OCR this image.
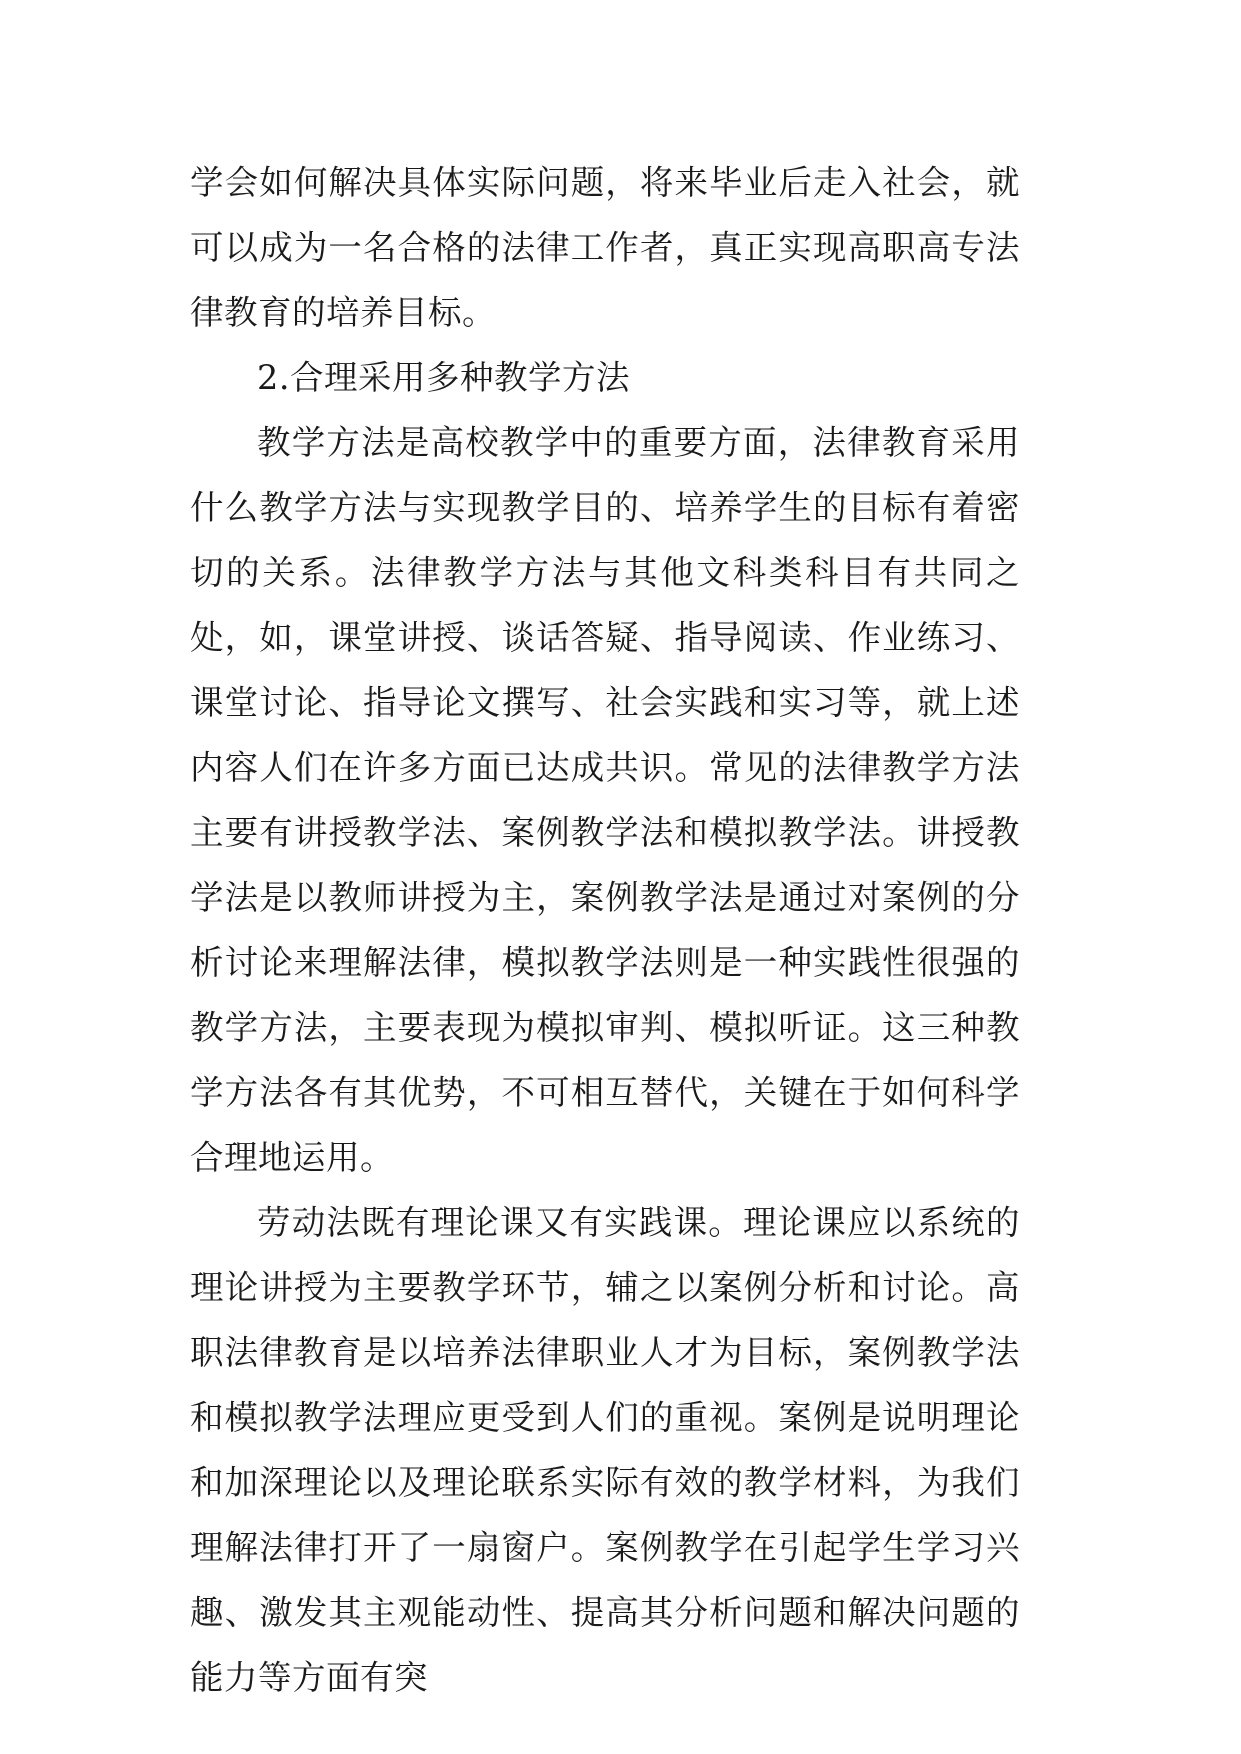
学会如何解决具体实际问题，将来毕业后走入社会，就可以成为一名合格的法律工作者，真正实现高职高专法律教育的培养目标。

2.合理采用多种教学方法

教学方法是高校教学中的重要方面，法律教育采用什么教学方法与实现教学目的、培养学生的目标有着密切的关系。法律教学方法与其他文科类科目有共同之处，如，课堂讲授、谈话答疑、指导阅读、作业练习、课堂讨论、指导论文撰写、社会实践和实习等，就上述内容人们在许多方面已达成共识。常见的法律教学方法主要有讲授教学法、案例教学法和模拟教学法。讲授教学法是以教师讲授为主，案例教学法是通过对案例的分析讨论来理解法律，模拟教学法则是一种实践性很强的教学方法，主要表现为模拟审判、模拟听证。这三种教学方法各有其优势，不可相互替代，关键在于如何科学合理地运用。

劳动法既有理论课又有实践课。理论课应以系统的理论讲授为主要教学环节，辅之以案例分析和讨论。高职法律教育是以培养法律职业人才为目标，案例教学法和模拟教学法理应更受到人们的重视。案例是说明理论和加深理论以及理论联系实际有效的教学材料，为我们理解法律打开了一扇窗户。案例教学在引起学生学习兴趣、激发其主观能动性、提高其分析问题和解决问题的能力等方面有突
